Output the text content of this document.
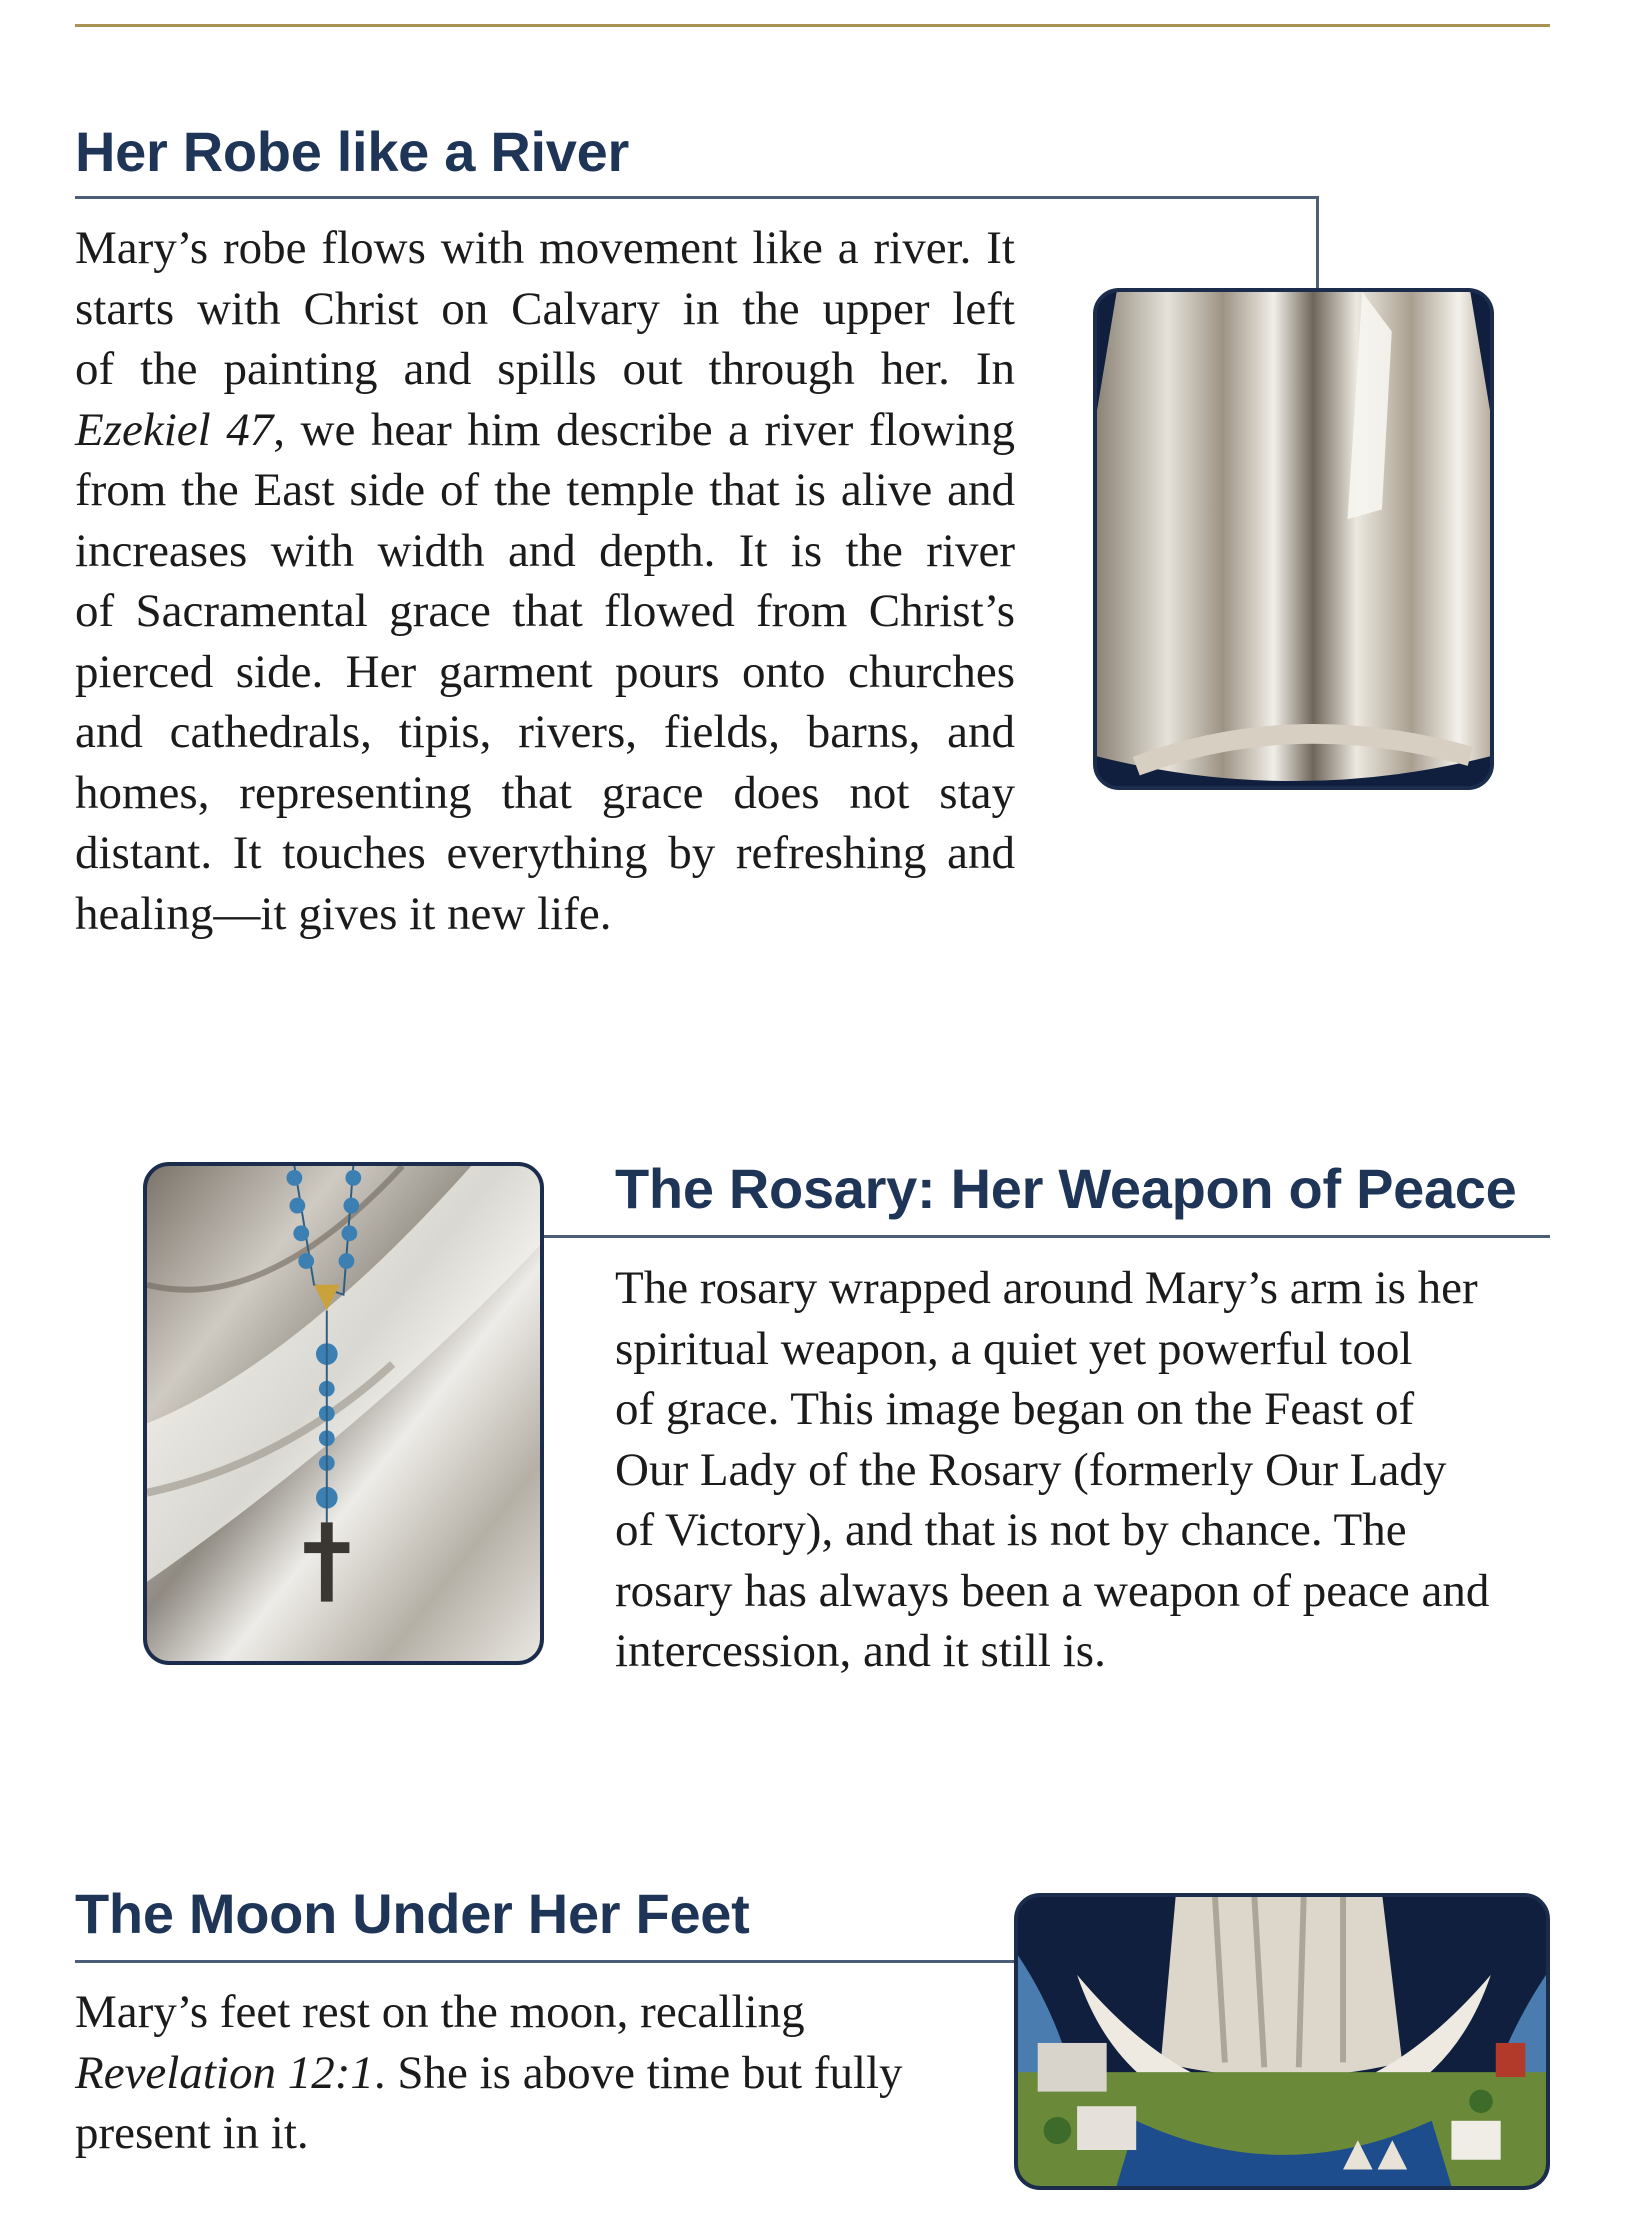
Her Robe like a River

Mary’s robe flows with movement like a river. It
starts with Christ on Calvary in the upper left
of the painting and spills out through her. In
Ezekiel 47, we hear him describe a river flowing
from the East side of the temple that is alive and
increases with width and depth. It is the river
of Sacramental grace that flowed from Christ’s
pierced side. Her garment pours onto churches
and cathedrals, tipis, rivers, fields, barns, and
homes, representing that grace does not stay
distant. It touches everything by refreshing and
healing—it gives it new life.

The Rosary: Her Weapon of Peace

The rosary wrapped around Mary’s arm is her
spiritual weapon, a quiet yet powerful tool
of grace. This image began on the Feast of
Our Lady of the Rosary (formerly Our Lady
of Victory), and that is not by chance. The
rosary has always been a weapon of peace and
intercession, and it still is.

The Moon Under Her Feet

Mary’s feet rest on the moon, recalling
Revelation 12:1. She is above time but fully
present in it.
